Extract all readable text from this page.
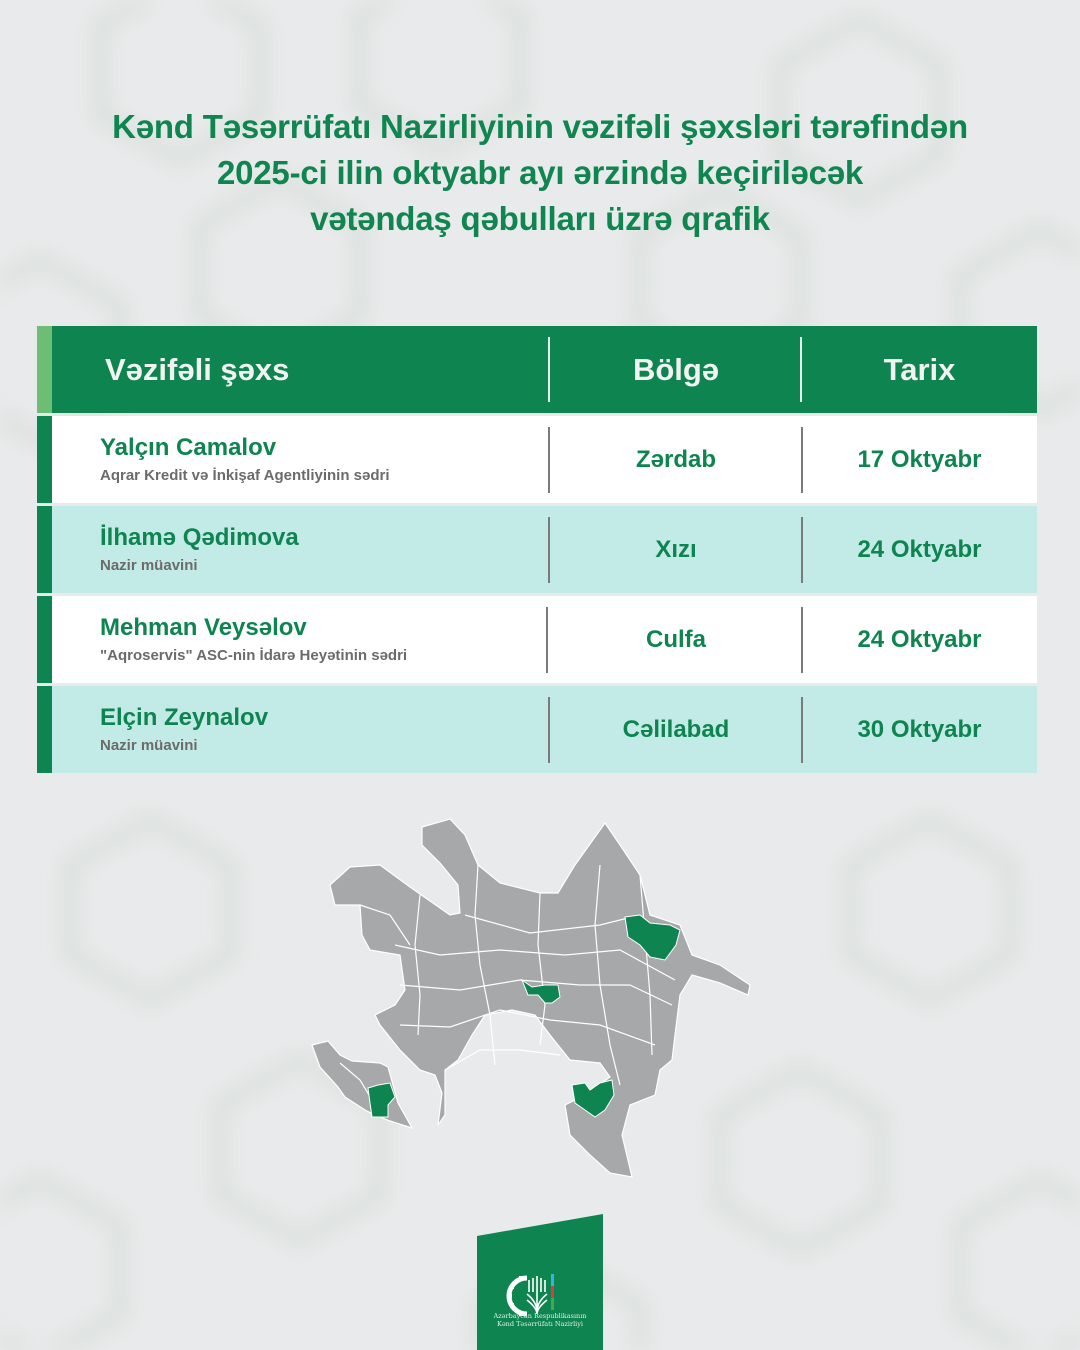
Kənd Təsərrüfatı Nazirliyinin vəzifəli şəxsləri tərəfindən
2025-ci ilin oktyabr ayı ərzində keçiriləcək
vətəndaş qəbulları üzrə qrafik
Vəzifəli şəxs	Bölgə	Tarix
Yalçın Camalov
Aqrar Kredit və İnkişaf Agentliyinin sədri
Zərdab	17 Oktyabr
İlhamə Qədimova
Nazir müavini
Xızı	24 Oktyabr
Mehman Veysəlov
"Aqroservis" ASC-nin İdarə Heyətinin sədri
Culfa	24 Oktyabr
Elçin Zeynalov
Nazir müavini
Cəlilabad	30 Oktyabr
Azərbaycan Respublikasının
Kənd Təsərrüfatı Nazirliyi
